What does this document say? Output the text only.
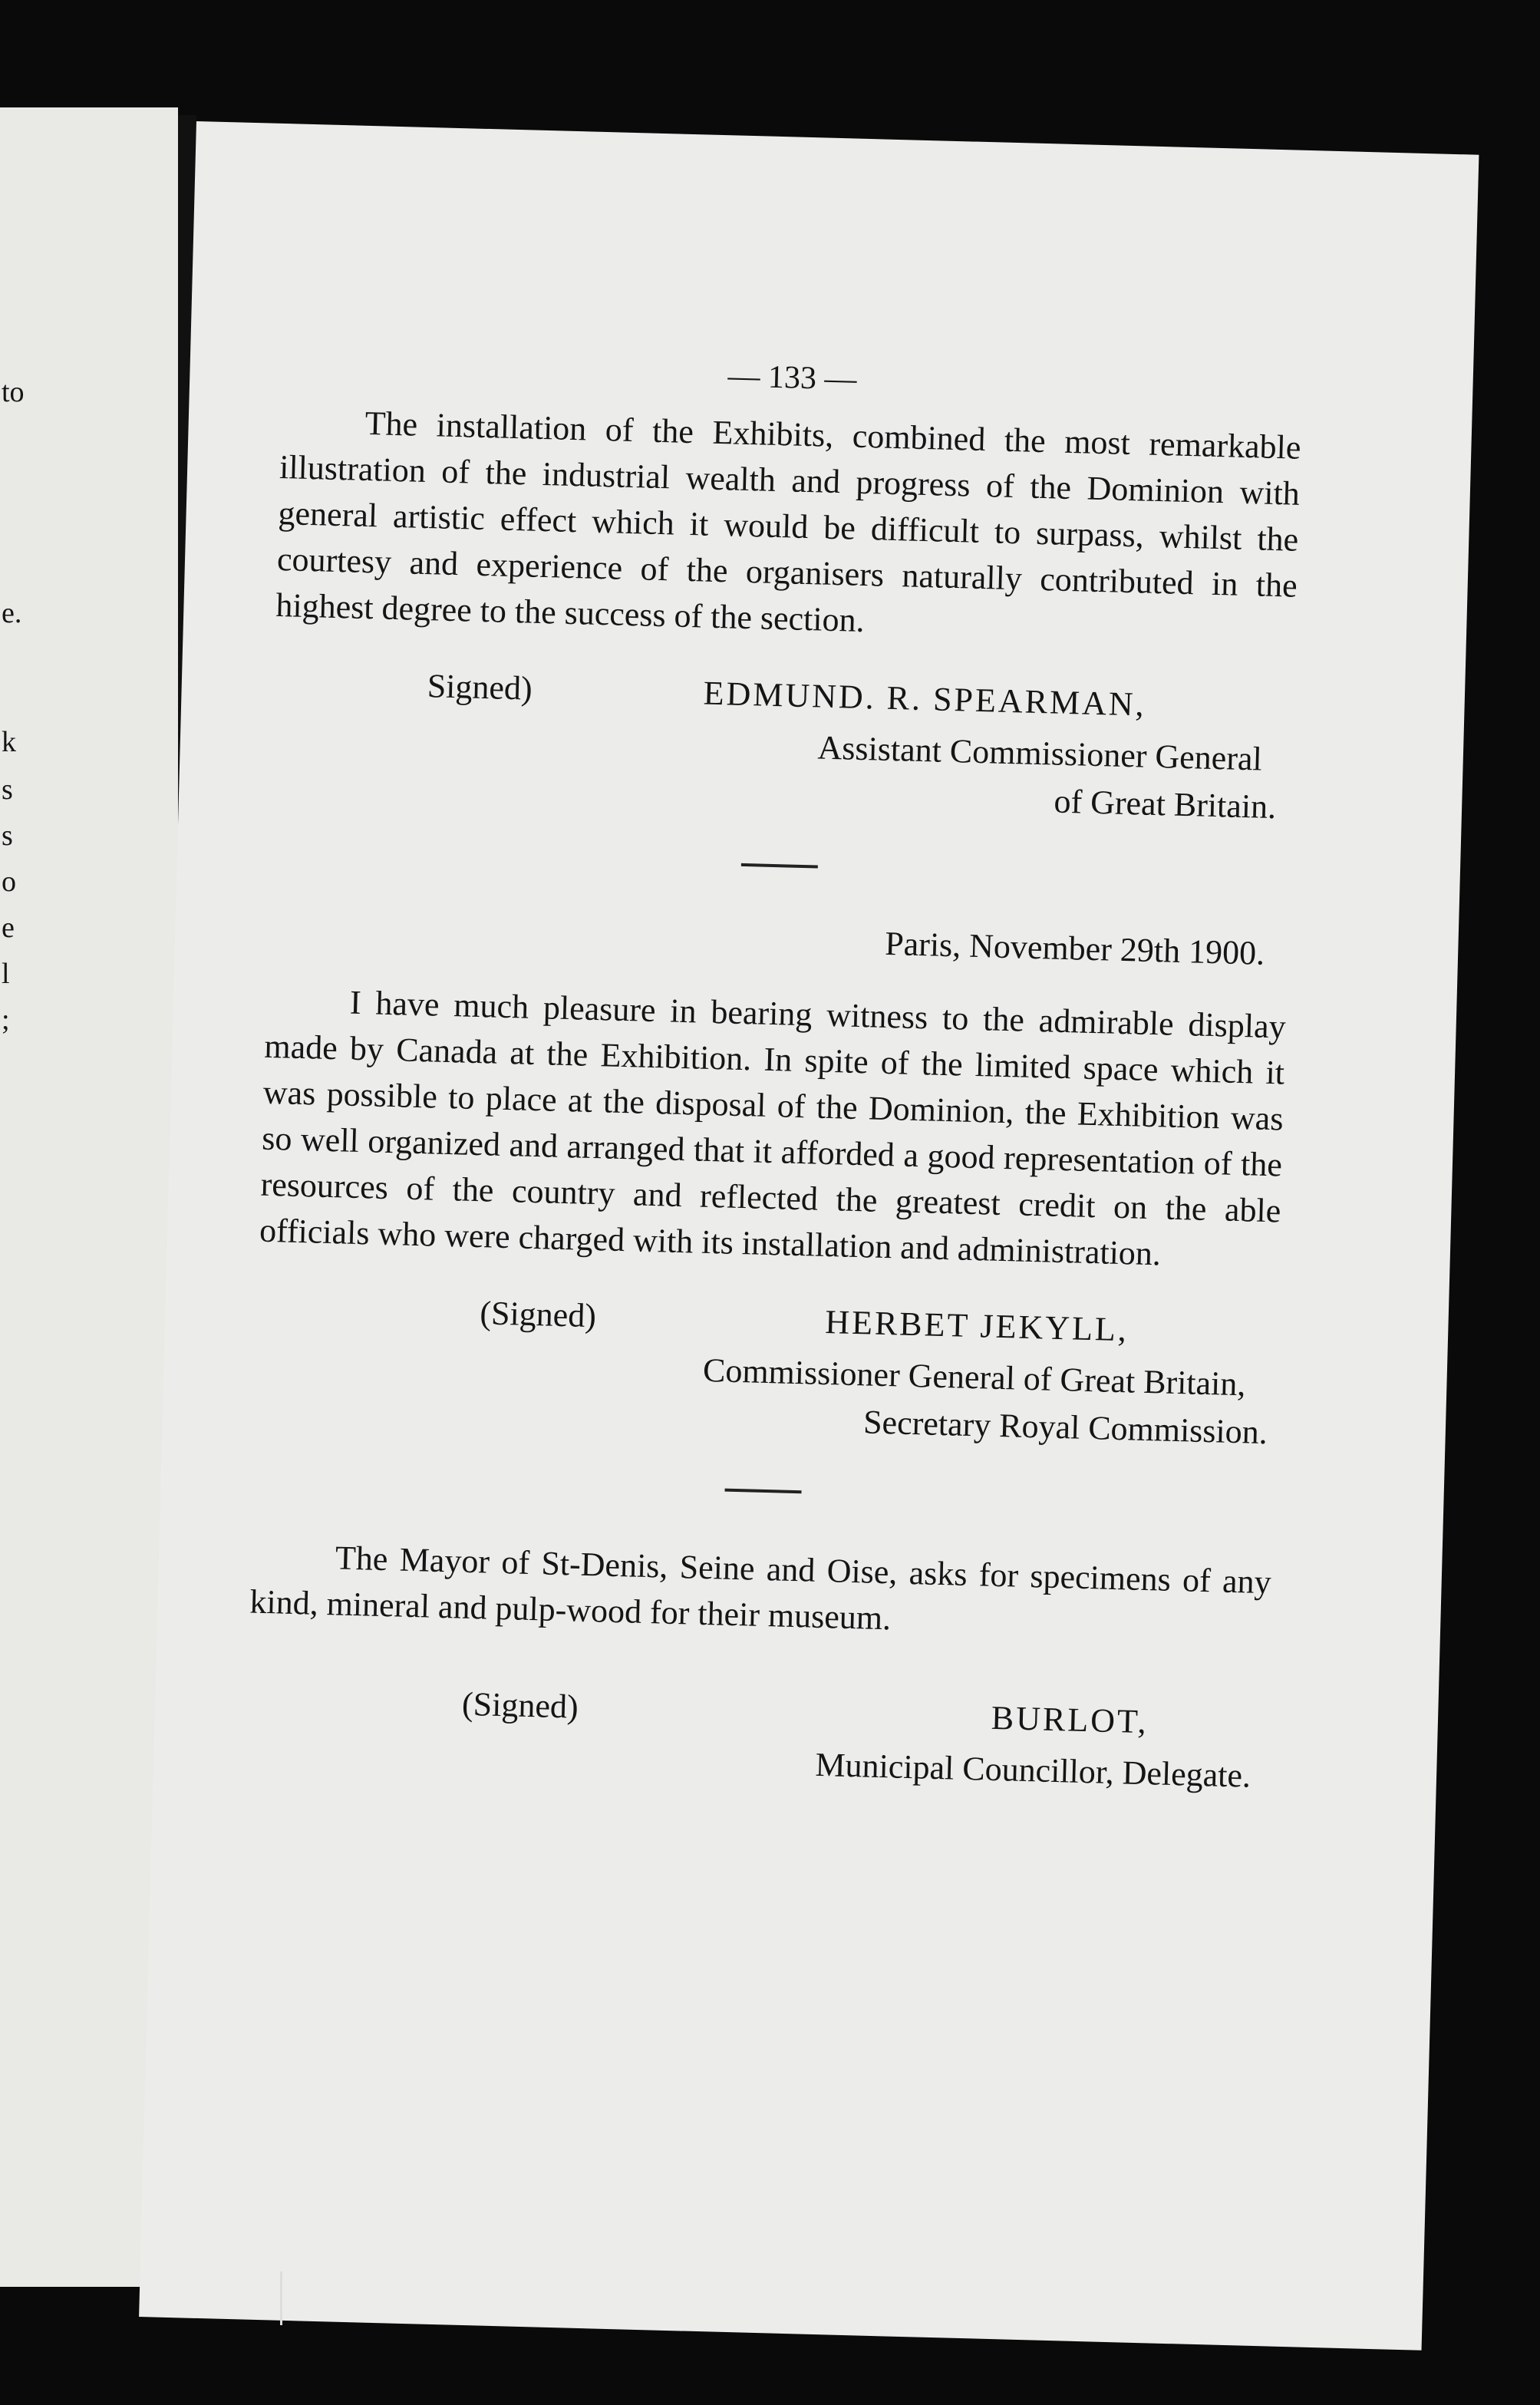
to
e.
k
s
s
o
e
l
;
— 133 —

The installation of the Exhibits, combined the most remarkable illustration of the industrial wealth and progress of the Dominion with general artistic effect which it would be difficult to surpass, whilst the courtesy and experience of the organisers naturally contributed in the highest degree to the success of the section.

Signed)	EDMUND. R. SPEARMAN,
Assistant Commissioner General
of Great Britain.
Paris, November 29th 1900.

I have much pleasure in bearing witness to the admirable display made by Canada at the Exhibition. In spite of the limited space which it was possible to place at the disposal of the Dominion, the Exhibition was so well organized and arranged that it afforded a good representation of the resources of the country and reflected the greatest credit on the able officials who were charged with its installation and administration.

(Signed)	HERBET JEKYLL,
Commissioner General of Great Britain,
Secretary Royal Commission.

The Mayor of St-Denis, Seine and Oise, asks for specimens of any kind, mineral and pulp-wood for their museum.

(Signed)	BURLOT,
Municipal Councillor, Delegate.
